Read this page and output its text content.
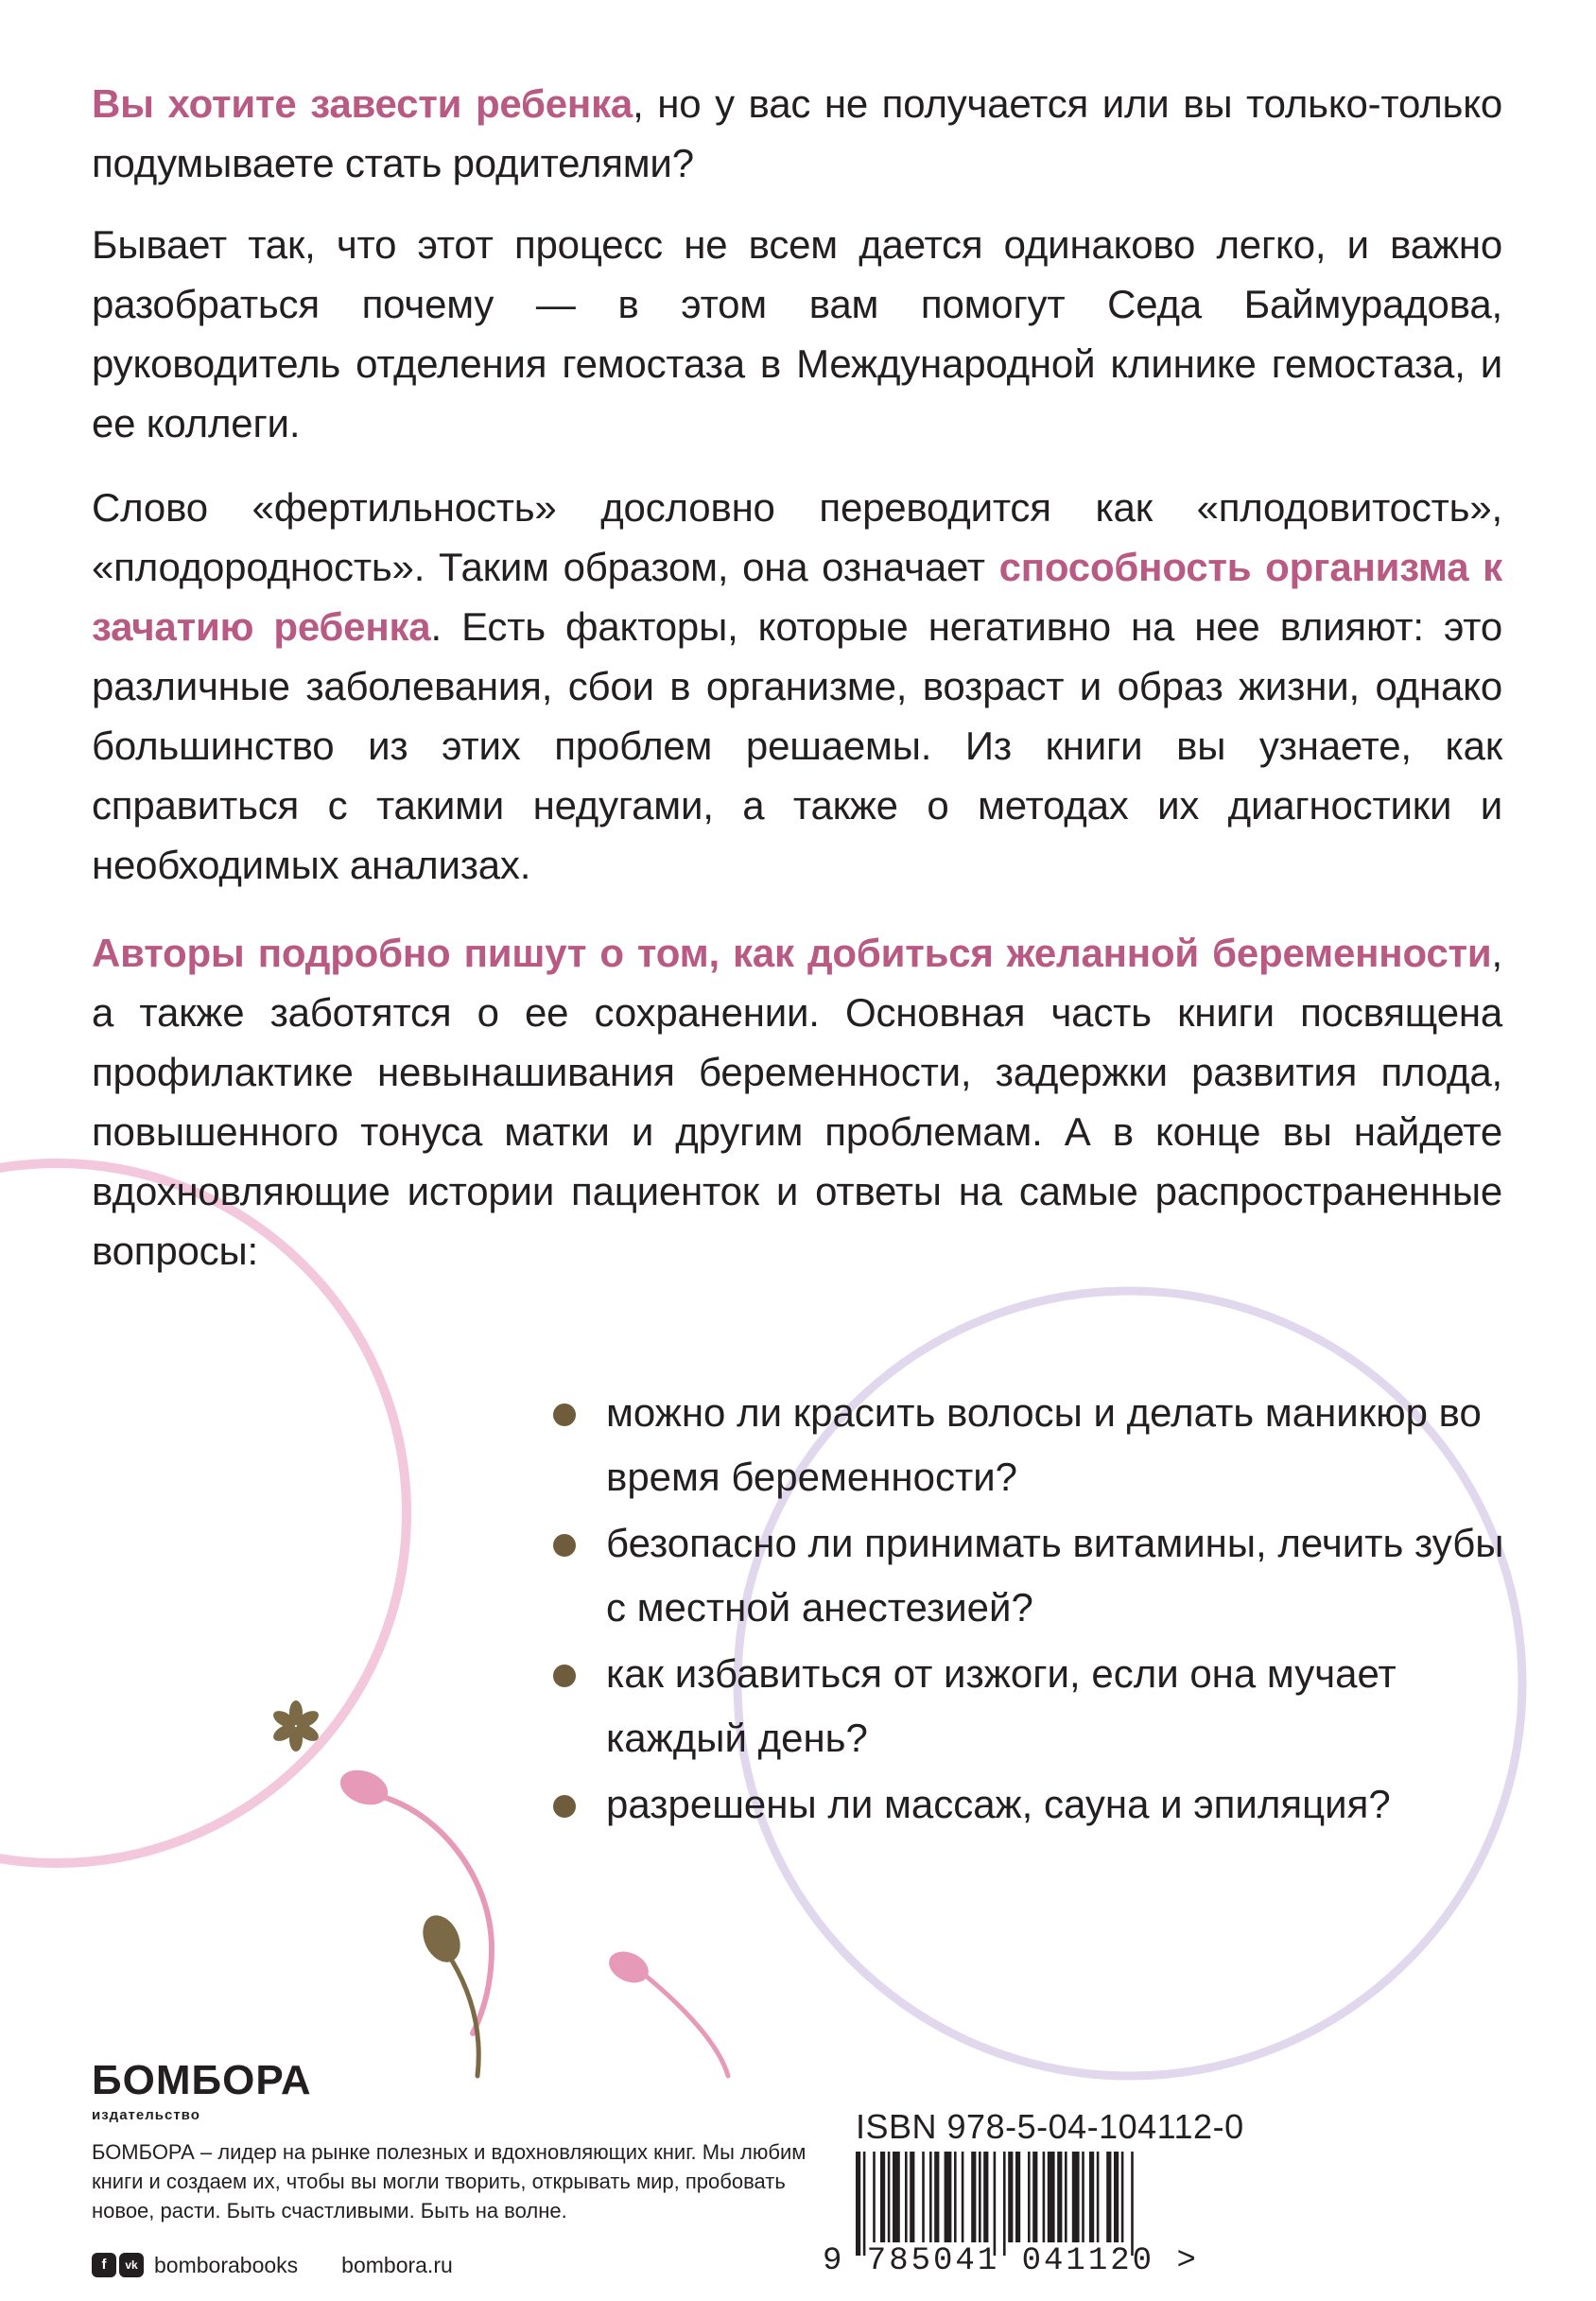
Вы хотите завести ребенка, но у вас не получается или вы только-только подумываете стать родителями?

Бывает так, что этот процесс не всем дается одинаково легко, и важно разобраться почему — в этом вам помогут Седа Баймурадова, руководитель отделения гемостаза в Международной клинике гемостаза, и ее коллеги.

Слово «фертильность» дословно переводится как «плодовитость», «плодородность». Таким образом, она означает способность организма к зачатию ребенка. Есть факторы, которые негативно на нее влияют: это различные заболевания, сбои в организме, возраст и образ жизни, однако большинство из этих проблем решаемы. Из книги вы узнаете, как справиться с такими недугами, а также о методах их диагностики и необходимых анализах.

Авторы подробно пишут о том, как добиться желанной беременности, а также заботятся о ее сохранении. Основная часть книги посвящена профилактике невынашивания беременности, задержки развития плода, повышенного тонуса матки и другим проблемам. А в конце вы найдете вдохновляющие истории пациенток и ответы на самые распространенные вопросы:

можно ли красить волосы и делать маникюр во время беременности?
безопасно ли принимать витамины, лечить зубы с местной анестезией?
как избавиться от изжоги, если она мучает каждый день?
разрешены ли массаж, сауна и эпиляция?
БОМБОРА
издательство
БОМБОРА – лидер на рынке полезных и вдохновляющих книг. Мы любим книги и создаем их, чтобы вы могли творить, открывать мир, пробовать новое, расти. Быть счастливыми. Быть на волне.
f	vk bomborabooks bombora.ru
ISBN 978-5-04-104112-0
9 785041 041120 >
